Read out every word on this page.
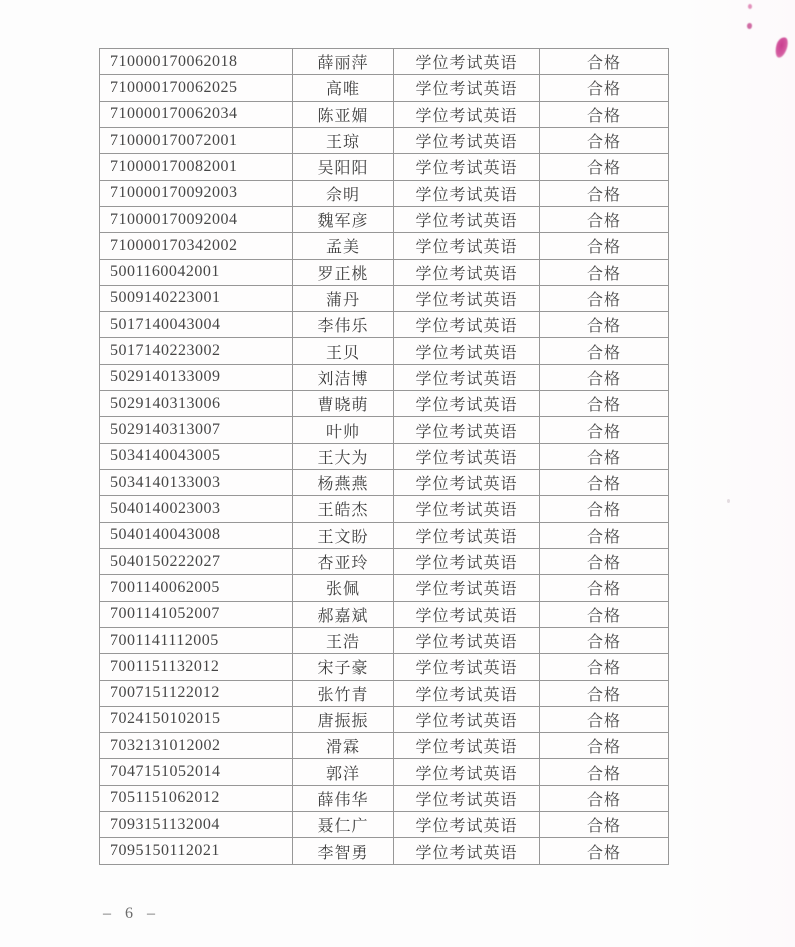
710000170062018	薛丽萍	学位考试英语	合格
710000170062025	高唯	学位考试英语	合格
710000170062034	陈亚媚	学位考试英语	合格
710000170072001	王琼	学位考试英语	合格
710000170082001	吴阳阳	学位考试英语	合格
710000170092003	佘明	学位考试英语	合格
710000170092004	魏军彦	学位考试英语	合格
710000170342002	孟美	学位考试英语	合格
5001160042001	罗正桃	学位考试英语	合格
5009140223001	蒲丹	学位考试英语	合格
5017140043004	李伟乐	学位考试英语	合格
5017140223002	王贝	学位考试英语	合格
5029140133009	刘洁博	学位考试英语	合格
5029140313006	曹晓萌	学位考试英语	合格
5029140313007	叶帅	学位考试英语	合格
5034140043005	王大为	学位考试英语	合格
5034140133003	杨燕燕	学位考试英语	合格
5040140023003	王皓杰	学位考试英语	合格
5040140043008	王文盼	学位考试英语	合格
5040150222027	杏亚玲	学位考试英语	合格
7001140062005	张佩	学位考试英语	合格
7001141052007	郝嘉斌	学位考试英语	合格
7001141112005	王浩	学位考试英语	合格
7001151132012	宋子豪	学位考试英语	合格
7007151122012	张竹青	学位考试英语	合格
7024150102015	唐振振	学位考试英语	合格
7032131012002	滑霖	学位考试英语	合格
7047151052014	郭洋	学位考试英语	合格
7051151062012	薛伟华	学位考试英语	合格
7093151132004	聂仁广	学位考试英语	合格
7095150112021	李智勇	学位考试英语	合格
– 6 –
